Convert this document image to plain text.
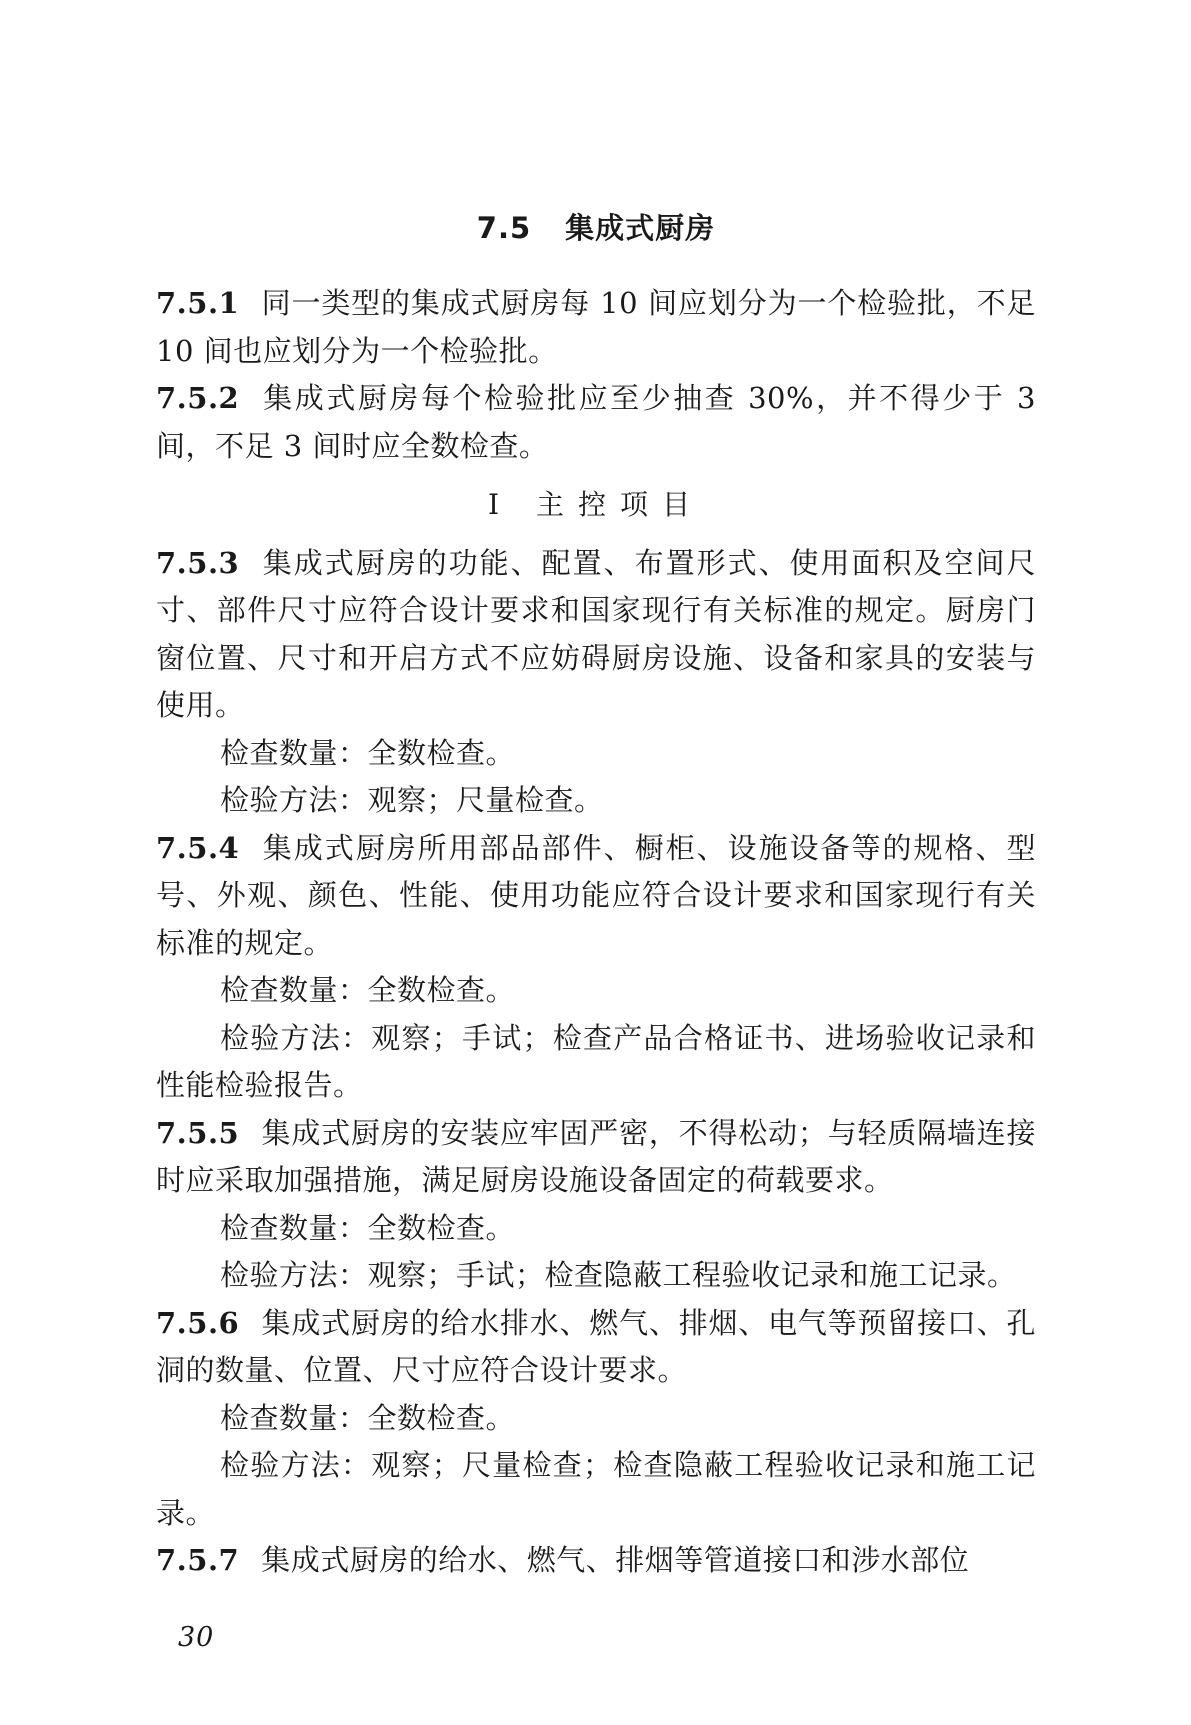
7.5 集成式厨房

7.5.1 同一类型的集成式厨房每 10 间应划分为一个检验批，不足 10 间也应划分为一个检验批。

7.5.2 集成式厨房每个检验批应至少抽查 30%，并不得少于 3 间，不足 3 间时应全数检查。

Ⅰ 主控项目

7.5.3 集成式厨房的功能、配置、布置形式、使用面积及空间尺寸、部件尺寸应符合设计要求和国家现行有关标准的规定。厨房门窗位置、尺寸和开启方式不应妨碍厨房设施、设备和家具的安装与使用。

检查数量：全数检查。

检验方法：观察；尺量检查。

7.5.4 集成式厨房所用部品部件、橱柜、设施设备等的规格、型号、外观、颜色、性能、使用功能应符合设计要求和国家现行有关标准的规定。

检查数量：全数检查。

检验方法：观察；手试；检查产品合格证书、进场验收记录和性能检验报告。

7.5.5 集成式厨房的安装应牢固严密，不得松动；与轻质隔墙连接时应采取加强措施，满足厨房设施设备固定的荷载要求。

检查数量：全数检查。

检验方法：观察；手试；检查隐蔽工程验收记录和施工记录。

7.5.6 集成式厨房的给水排水、燃气、排烟、电气等预留接口、孔洞的数量、位置、尺寸应符合设计要求。

检查数量：全数检查。

检验方法：观察；尺量检查；检查隐蔽工程验收记录和施工记录。

7.5.7 集成式厨房的给水、燃气、排烟等管道接口和涉水部位

30
